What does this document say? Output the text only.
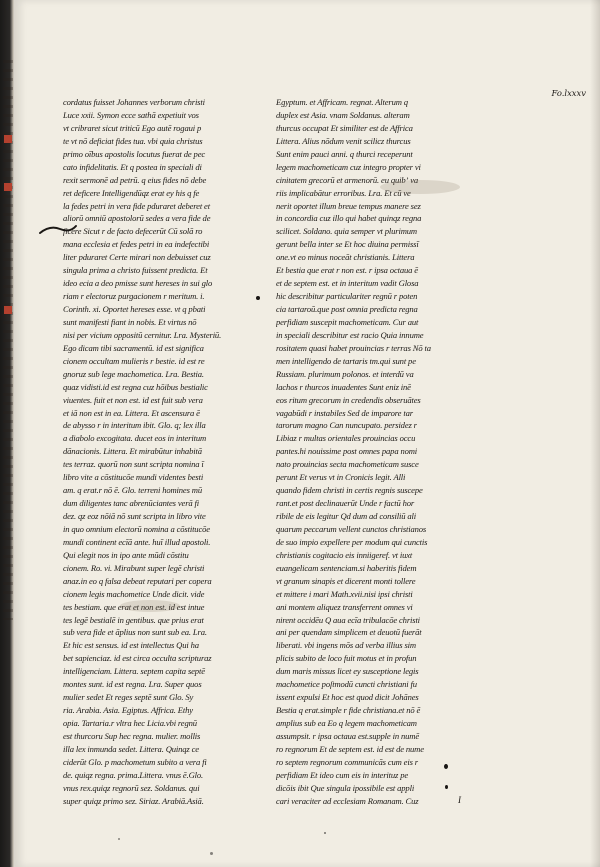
Fo.lxxxv
cordatus fuisset Johannes verborum christi
Luce xxii. Symon ecce sathā expetiuit vos
vt cribraret sicut triticū Ego autē rogaui p
te vt nō deficiat fides tua. vbi quia christus
primo oībus apostolis locutus fuerat de pec
cato infidelitatis. Et q postea in speciali di
rexit sermonē ad petrū. q eius fides nō debe
ret deficere Intelligendūqz erat ey his q fe
la fedes petri in vera fide pduraret deberet et
aliorū omniū apostolorū sedes a vera fide de
ficere Sicut r de facto defecerūt Cū solā ro
mana ecclesia et fedes petri in ea indefectibi
liter pduraret Certe mirari non debuisset cuz
singula prima a christo fuissent predicta. Et
ideo ecia a deo pmisse sunt hereses in sui glo
riam r electoruz purgacionem r meritum. i.
Corinth. xi. Oportet hereses esse. vt q pbati
sunt manifesti fiant in nobis. Et virtus nō
nisi per vicium oppositū cernitur. Lra. Mysteriū.
Ego dicam tibi sacramentū. id est significa
cionem occultam mulieris r bestie. id est re
gnoruz sub lege machometica. Lra. Bestia.
quaz vidisti.id est regna cuz hōibus bestialic
viuentes. fuit et non est. id est fuit sub vera
et iā non est in ea. Littera. Et ascensura ē
de abysso r in interitum ibit. Glo. q; lex illa
a diabolo excogitata. ducet eos in interitum
dānacionis. Littera. Et mirabūtur inhabitā
tes terraz. quorū non sunt scripta nomina ī
libro vite a cōstitucōe mundi videntes besti
am. q erat.r nō ē. Glo. terreni homines mū
dum diligentes tanc abrenūciantes verā fi
dez. qz eoz nōiā nō sunt scripta in libro vite
in quo omnium electorū nomina a cōstitucōe
mundi continent ecīā ante. huī illud apostoli.
Qui elegit nos in ipo ante mūdi cōstitu
cionem. Ro. vi. Mirabunt super legē christi
anaz.in eo q falsa debeat reputari per copera
cionem legis machometice Unde dicit. vide
tes bestiam. que erat et non est. id est intue
tes legē bestialē in gentibus. que prius erat
sub vera fide et āplius non sunt sub ea. Lra.
Et hic est sensus. id est intellectus Qui ha
bet sapienciaz. id est circa occulta scripturaz
intelligenciam. Littera. septem capita septē
montes sunt. id est regna. Lra. Super quos
mulier sedet Et reges septē sunt Glo. Sy
ria. Arabia. Asia. Egiptus. Affrica. Ethy
opia. Tartaria.r vltra hec Licia.vbi regnū
est thurcoru Sup hec regna. mulier. mollis
illa lex inmunda sedet. Littera. Quinqz ce
ciderūt Glo. p machometum subito a vera fi
de. quiqz regna. prima.Littera. vnus ē.Glo.
vnus rex.quiqz regnorū sez. Soldanus. qui
super quiqz primo sez. Siriaz. Arabiā.Asiā.
Egyptum. et Affricam. regnat. Alterum q
duplex est Asia. vnam Soldanus. alteram
thurcus occupat Et similiter est de Affrica
Littera. Alius nōdum venit scilicz thurcus
Sunt enim pauci anni. q thurci receperunt
legem machometicam cuz integro propter vi
cinitatem grecorū et armenorū. eu quibʼ va
riis implicabātur erroribus. Lra. Et cū ve
nerit oportet illum breue tempus manere sez
in concordia cuz illo qui habet quinqz regna
scilicet. Soldano. quia semper vt plurimum
gerunt bella inter se Et hoc diuina permissī
one.vt eo minus noceāt christianis. Littera
Et bestia que erat r non est. r ipsa octaua ē
et de septem est. et in interitum vadit Glosa
hic describitur particulariter regnū r poten
cia tartaroū.que post omnia predicta regna
perfidiam suscepit machometicam. Cur aut
in speciali describitur est racio Quia innume
rositatem quasi habet prouincias r terras Nō ta
men intelligendo de tartaris tm.qui sunt pe
Russiam. plurimum polonos. et interdū va
lachos r thurcos inuadentes Sunt eniz inē
eos ritum grecorum in credendis obseruātes
vagabūdi r instabiles Sed de imparore tar
tarorum magno Can nuncupato. persidez r
Libiaz r multas orientales prouincias occu
pantes.hi nouissime post omnes papa nomi
nato prouincias secta machometicam susce
perunt Et verus vt in Cronicis legit. Alli
quando fidem christi in certis regnis suscepe
rant.et post declinauerūt Unde r factū hor
ribile de eis legitur Qd dum ad consiliū ali
quarum peccarum vellent cunctos christianos
de suo impio expellere per modum qui cunctis
christianis cogitacio eis inniigeref. vt iuxt
euangelicam sentenciam.si haberitis fidem
vt granum sinapis et dicerent monti tollere
et mittere i mari Math.xvii.nisi ipsi christi
ani montem aliquez transferrent omnes vi
nirent occidēu Q aua ecīa tribulacōe christi
ani per quendam simplicem et deuotū fuerāt
liberati. vbi ingens mōs ad verba illius sim
plicis subito de loco fuit motus et in profun
dum maris missus licet ey susceptione legis
machometice poſtmodū cuncti christiani fu
issent expulsi Et hoc est quod dicit Johānes
Bestia q erat.simple r fide christiana.et nō ē
amplius sub ea Eo q legem machometicam
assumpsit. r ipsa octaua est.supple in numē
ro regnorum Et de septem est. id est de nume
ro septem regnorum communicās cum eis r
perfidiam Et ideo cum eis in interituz pe
dicōis ibit Que singula ipossibile est appli
cari veraciter ad ecclesiam Romanam. Cuz	I
